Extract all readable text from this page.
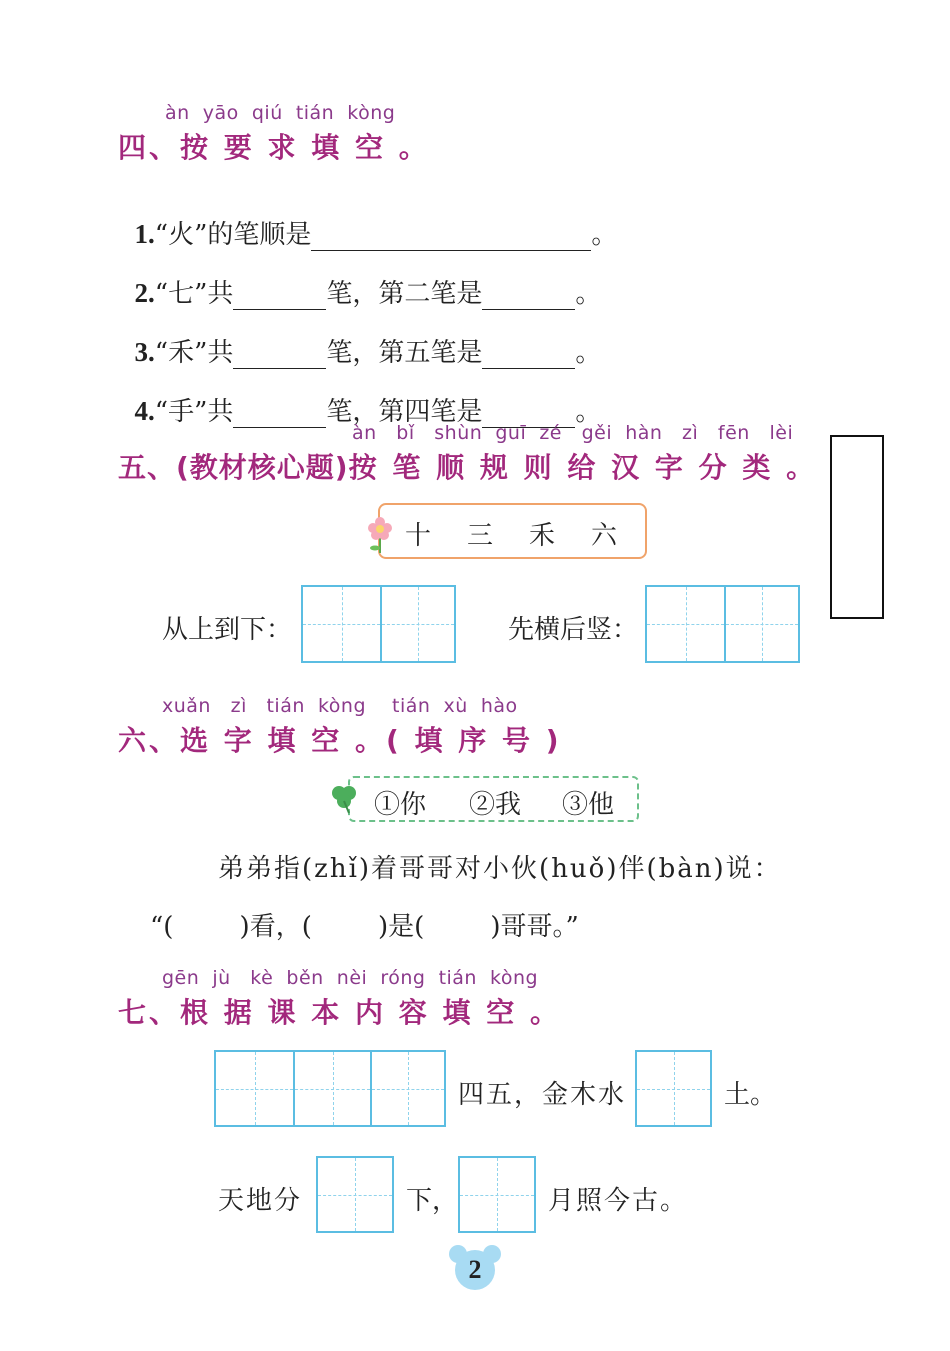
àn  yāo  qiú  tián  kòng
四、按 要 求 填 空 。

1.“火”的笔顺是	。

2.“七”共	笔，第二笔是	。

3.“禾”共	笔，第五笔是	。

4.“手”共	笔，第四笔是	。

àn   bǐ   shùn  guī  zé   gěi  hàn   zì   fēn   lèi
五、(教材核心题)按 笔 顺 规 则 给 汉 字 分 类 。
十 三 禾 六
从上到下：	先横后竖：
xuǎn   zì   tián  kòng tián  xù  hào
六、选 字 填 空 。( 填 序 号 )
①你 ②我 ③他
弟弟指(zhǐ)着哥哥对小伙(huǒ)伴(bàn)说：
“(        )看，(        )是(        )哥哥。”
gēn  jù   kè  běn  nèi  róng  tián  kòng
七、根 据 课 本 内 容 填 空 。
四五，金木水	土。
天地分	下，	月照今古。
2
